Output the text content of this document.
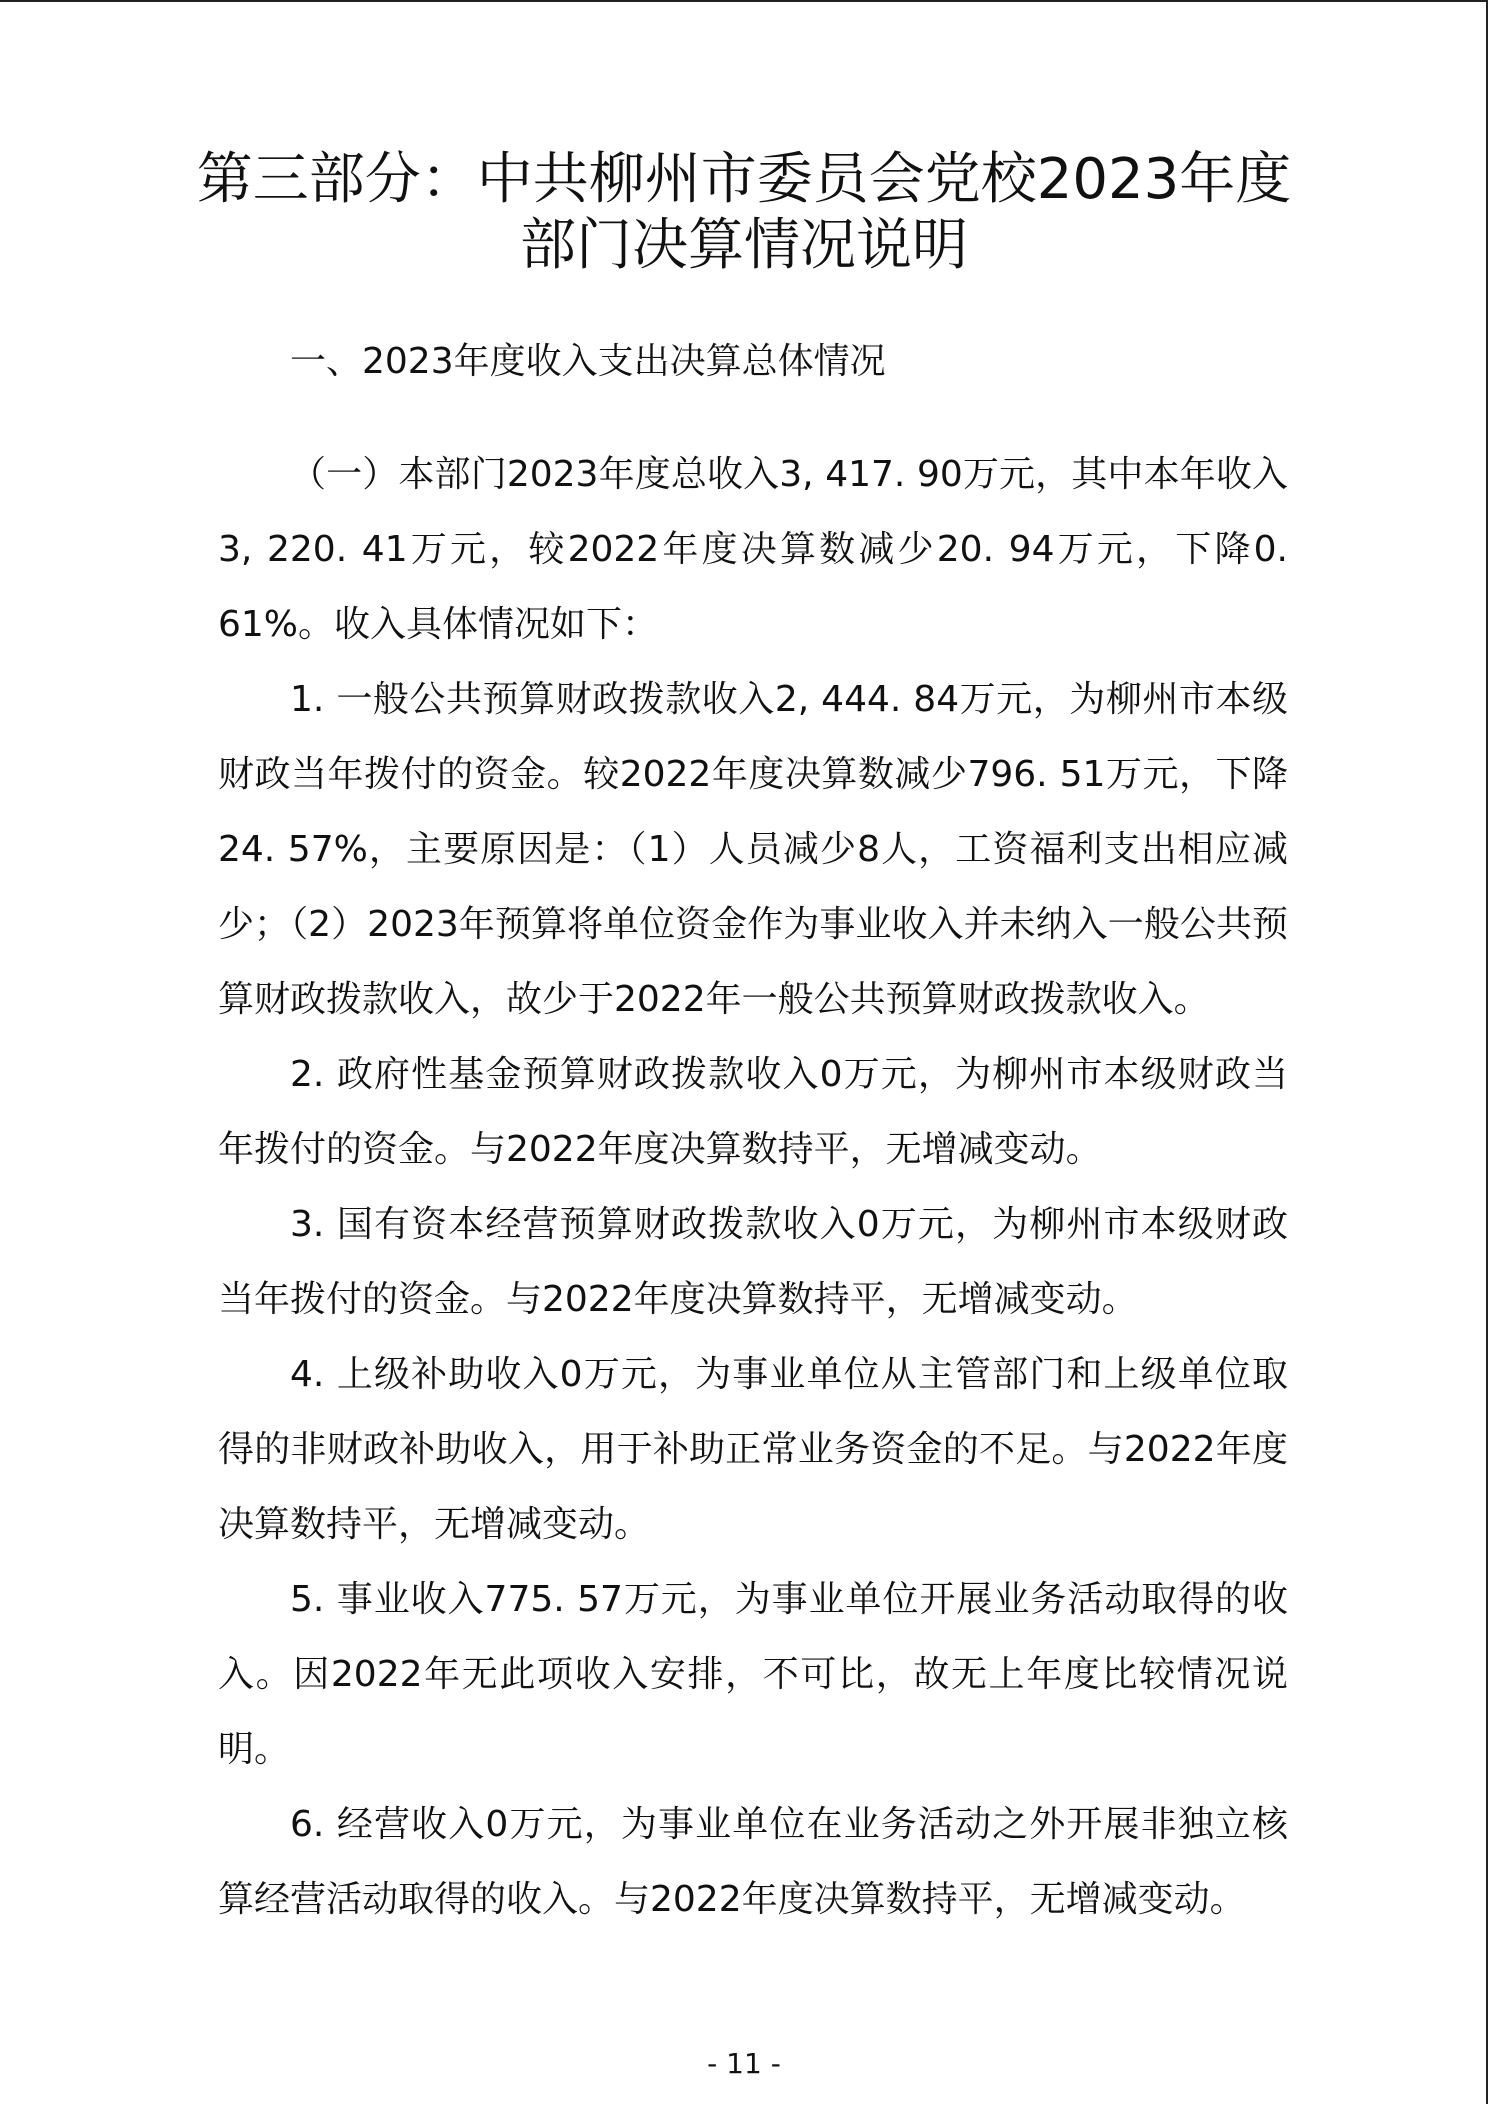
第三部分：中共柳州市委员会党校2023年度
部门决算情况说明

一、2023年度收入支出决算总体情况

（一）本部门2023年度总收入3, 417. 90万元，其中本年收入3, 220. 41万元，较2022年度决算数减少20. 94万元，下降0. 61%。收入具体情况如下：

1. 一般公共预算财政拨款收入2, 444. 84万元，为柳州市本级财政当年拨付的资金。较2022年度决算数减少796. 51万元，下降24. 57%，主要原因是：（1）人员减少8人，工资福利支出相应减少；（2）2023年预算将单位资金作为事业收入并未纳入一般公共预算财政拨款收入，故少于2022年一般公共预算财政拨款收入。

2. 政府性基金预算财政拨款收入0万元，为柳州市本级财政当年拨付的资金。与2022年度决算数持平，无增减变动。

3. 国有资本经营预算财政拨款收入0万元，为柳州市本级财政当年拨付的资金。与2022年度决算数持平，无增减变动。

4. 上级补助收入0万元，为事业单位从主管部门和上级单位取得的非财政补助收入，用于补助正常业务资金的不足。与2022年度决算数持平，无增减变动。

5. 事业收入775. 57万元，为事业单位开展业务活动取得的收入。因2022年无此项收入安排，不可比，故无上年度比较情况说明。

6. 经营收入0万元，为事业单位在业务活动之外开展非独立核算经营活动取得的收入。与2022年度决算数持平，无增减变动。

- 11 -
